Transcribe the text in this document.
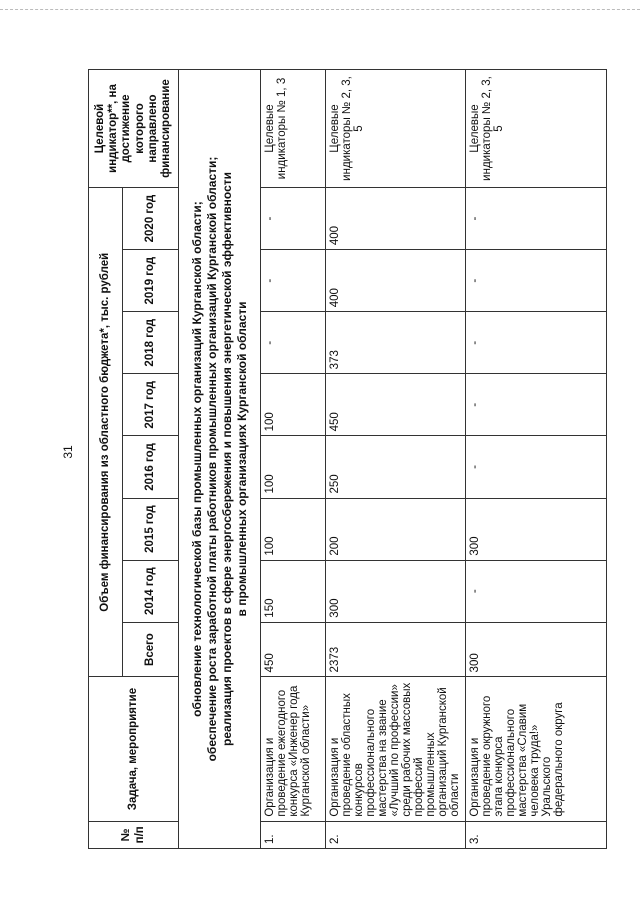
31
№ п/п	Задача, мероприятие	Объем финансирования из областного бюджета*, тыс. рублей								Целевой индикатор**, на достижение которого направлено финансирование
		Всего	2014 год	2015 год	2016 год	2017 год	2018 год	2019 год	2020 год	

обновление технологической базы промышленных организаций Курганской области; обеспечение роста заработной платы работников промышленных организаций Курганской области; реализация проектов в сфере энергосбережения и повышения энергетической эффективности в промышленных организациях Курганской области										

1.	Организация и проведение ежегодного конкурса «Инженер года Курганской области»	450	150	100	100	100	-	-	-	Целевые индикаторы № 1, 3
2.	Организация и проведение областных конкурсов профессионального мастерства на звание «Лучший по профессии» среди рабочих массовых профессий промышленных организаций Курганской области	2373	300	200	250	450	373	400	400	Целевые индикаторы № 2, 3, 5
3.	Организация и проведение окружного этапа конкурса профессионального мастерства «Славим человека труда!» Уральского федерального округа	300	-	300	-	-	-	-	-	Целевые индикаторы № 2, 3, 5
